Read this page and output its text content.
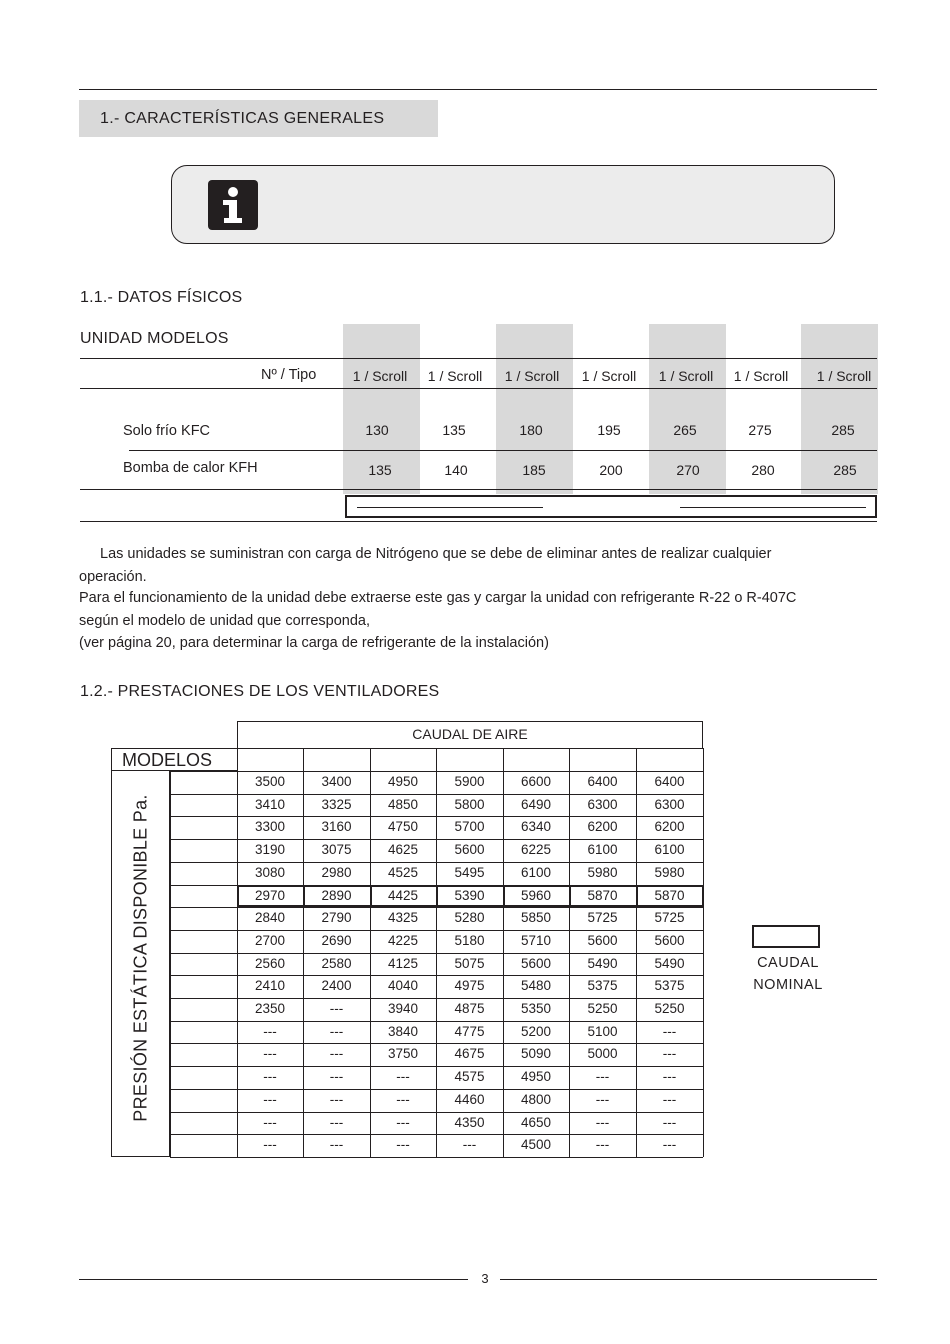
1.- CARACTERÍSTICAS GENERALES
1.1.- DATOS FÍSICOS
UNIDAD MODELOS
Nº / Tipo	1 / Scroll	1 / Scroll	1 / Scroll	1 / Scroll	1 / Scroll	1 / Scroll	1 / Scroll
Solo frío KFC	130	135	180	195	265	275	285
Bomba de calor KFH	135	140	185	200	270	280	285
Las unidades se suministran con carga de Nitrógeno que se debe de eliminar antes de realizar cualquier
operación.
Para el funcionamiento de la unidad debe extraerse este gas y cargar la unidad con refrigerante R-22 o R-407C
según el modelo de unidad que corresponda,
(ver página 20, para determinar la carga de refrigerante de la instalación)
1.2.- PRESTACIONES DE LOS VENTILADORES
CAUDAL DE AIRE
MODELOS
PRESIÓN ESTÁTICA DISPONIBLE Pa.
3500	3400	4950	5900	6600	6400	6400
3410	3325	4850	5800	6490	6300	6300
3300	3160	4750	5700	6340	6200	6200
3190	3075	4625	5600	6225	6100	6100
3080	2980	4525	5495	6100	5980	5980
2970	2890	4425	5390	5960	5870	5870
2840	2790	4325	5280	5850	5725	5725
2700	2690	4225	5180	5710	5600	5600
2560	2580	4125	5075	5600	5490	5490
2410	2400	4040	4975	5480	5375	5375
2350	---	3940	4875	5350	5250	5250
---	---	3840	4775	5200	5100	---
---	---	3750	4675	5090	5000	---
---	---	---	4575	4950	---	---
---	---	---	4460	4800	---	---
---	---	---	4350	4650	---	---
---	---	---	---	4500	---	---
CAUDAL
NOMINAL
3
